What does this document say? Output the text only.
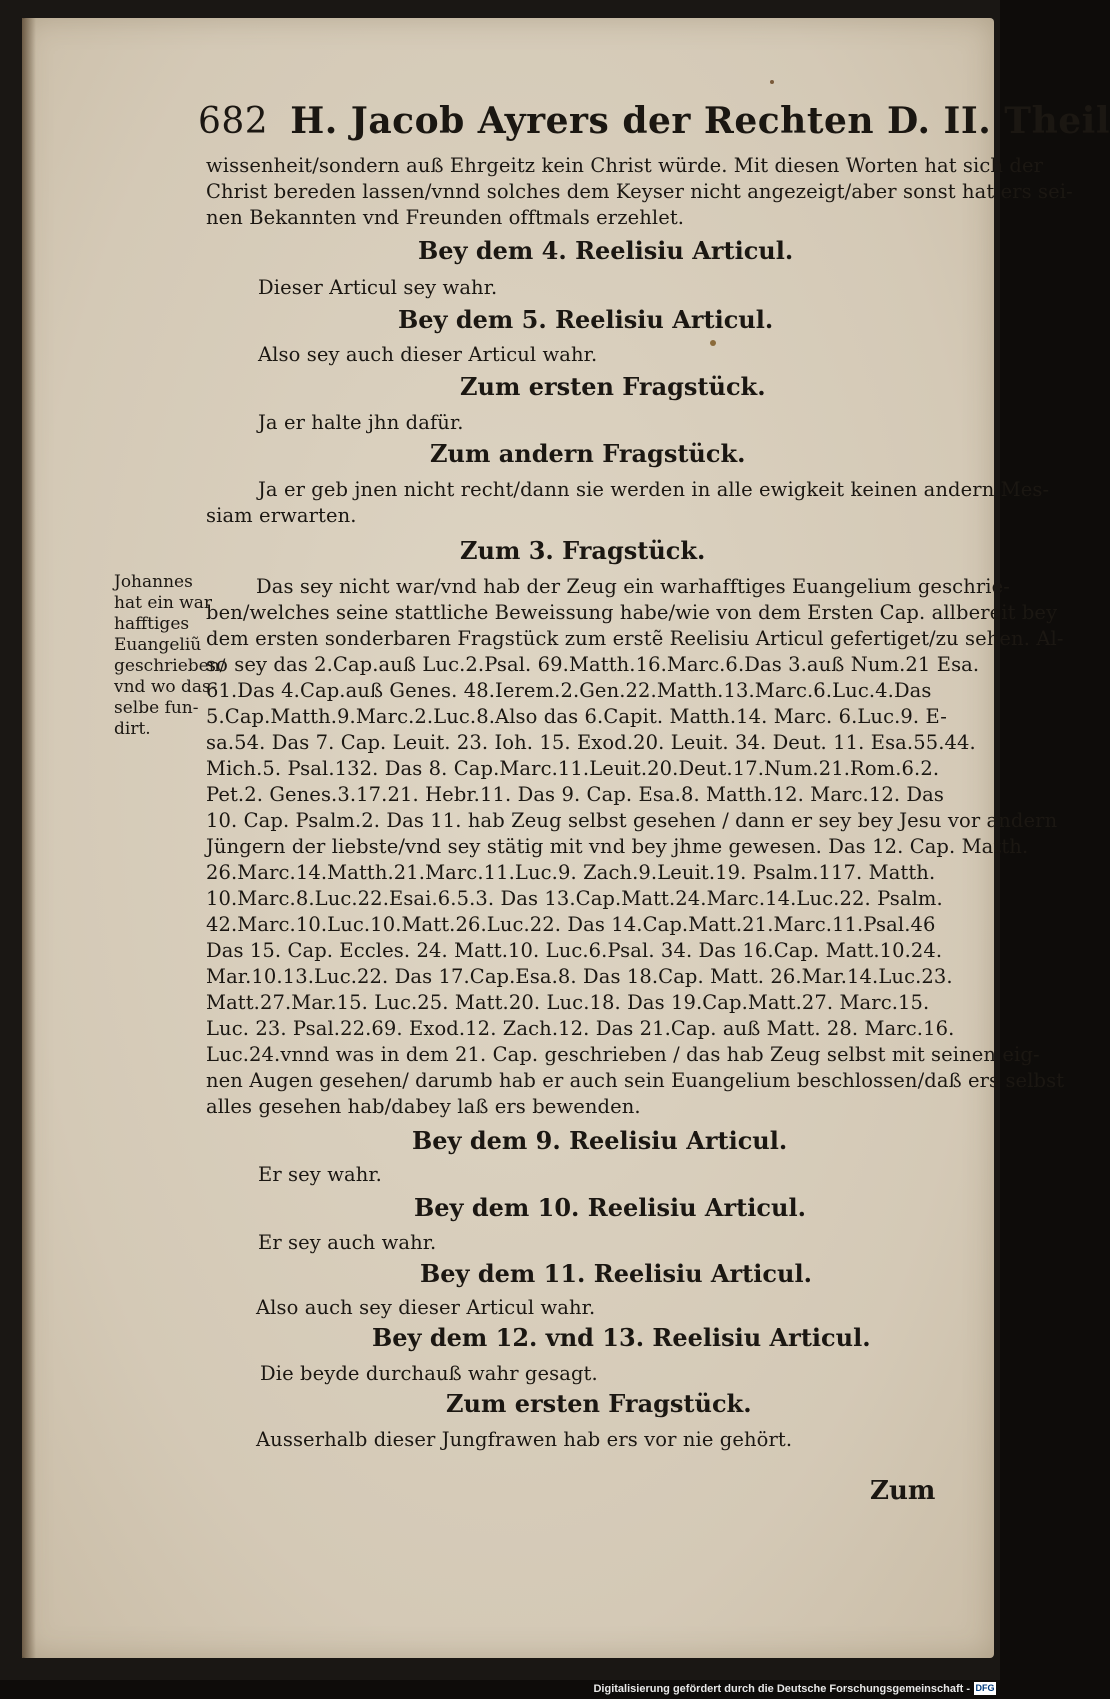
682 H. Jacob Ayrers der Rechten D. II. Theil
wissenheit/sondern auß Ehrgeitz kein Christ würde. Mit diesen Worten hat sich der
Christ bereden lassen/vnnd solches dem Keyser nicht angezeigt/aber sonst hat ers sei-
nen Bekannten vnd Freunden offtmals erzehlet.
Bey dem 4. Reelisiu Articul.
Dieser Articul sey wahr.
Bey dem 5. Reelisiu Articul.
Also sey auch dieser Articul wahr.
Zum ersten Fragstück.
Ja er halte jhn dafür.
Zum andern Fragstück.
Ja er geb jnen nicht recht/dann sie werden in alle ewigkeit keinen andern Mes-
siam erwarten.
Zum 3. Fragstück.
Johannes
hat ein war
hafftiges
Euangeliũ
geschrieben/
vnd wo das-
selbe fun-
dirt.
Das sey nicht war/vnd hab der Zeug ein warhafftiges Euangelium geschrie-
ben/welches seine stattliche Beweissung habe/wie von dem Ersten Cap. allbereit bey
dem ersten sonderbaren Fragstück zum erstẽ Reelisiu Articul gefertiget/zu sehen. Al-
so sey das 2.Cap.auß Luc.2.Psal. 69.Matth.16.Marc.6.Das 3.auß Num.21 Esa.
61.Das 4.Cap.auß Genes. 48.Ierem.2.Gen.22.Matth.13.Marc.6.Luc.4.Das
5.Cap.Matth.9.Marc.2.Luc.8.Also das 6.Capit. Matth.14. Marc. 6.Luc.9. E-
sa.54. Das 7. Cap. Leuit. 23. Ioh. 15. Exod.20. Leuit. 34. Deut. 11. Esa.55.44.
Mich.5. Psal.132. Das 8. Cap.Marc.11.Leuit.20.Deut.17.Num.21.Rom.6.2.
Pet.2. Genes.3.17.21. Hebr.11. Das 9. Cap. Esa.8. Matth.12. Marc.12. Das
10. Cap. Psalm.2. Das 11. hab Zeug selbst gesehen / dann er sey bey Jesu vor andern
Jüngern der liebste/vnd sey stätig mit vnd bey jhme gewesen. Das 12. Cap. Matth.
26.Marc.14.Matth.21.Marc.11.Luc.9. Zach.9.Leuit.19. Psalm.117. Matth.
10.Marc.8.Luc.22.Esai.6.5.3. Das 13.Cap.Matt.24.Marc.14.Luc.22. Psalm.
42.Marc.10.Luc.10.Matt.26.Luc.22. Das 14.Cap.Matt.21.Marc.11.Psal.46
Das 15. Cap. Eccles. 24. Matt.10. Luc.6.Psal. 34. Das 16.Cap. Matt.10.24.
Mar.10.13.Luc.22. Das 17.Cap.Esa.8. Das 18.Cap. Matt. 26.Mar.14.Luc.23.
Matt.27.Mar.15. Luc.25. Matt.20. Luc.18. Das 19.Cap.Matt.27. Marc.15.
Luc. 23. Psal.22.69. Exod.12. Zach.12. Das 21.Cap. auß Matt. 28. Marc.16.
Luc.24.vnnd was in dem 21. Cap. geschrieben / das hab Zeug selbst mit seinen eig-
nen Augen gesehen/ darumb hab er auch sein Euangelium beschlossen/daß ers selbst
alles gesehen hab/dabey laß ers bewenden.
Bey dem 9. Reelisiu Articul.
Er sey wahr.
Bey dem 10. Reelisiu Articul.
Er sey auch wahr.
Bey dem 11. Reelisiu Articul.
Also auch sey dieser Articul wahr.
Bey dem 12. vnd 13. Reelisiu Articul.
Die beyde durchauß wahr gesagt.
Zum ersten Fragstück.
Ausserhalb dieser Jungfrawen hab ers vor nie gehört.
Zum
Digitalisierung gefördert durch die Deutsche Forschungsgemeinschaft - DFG
